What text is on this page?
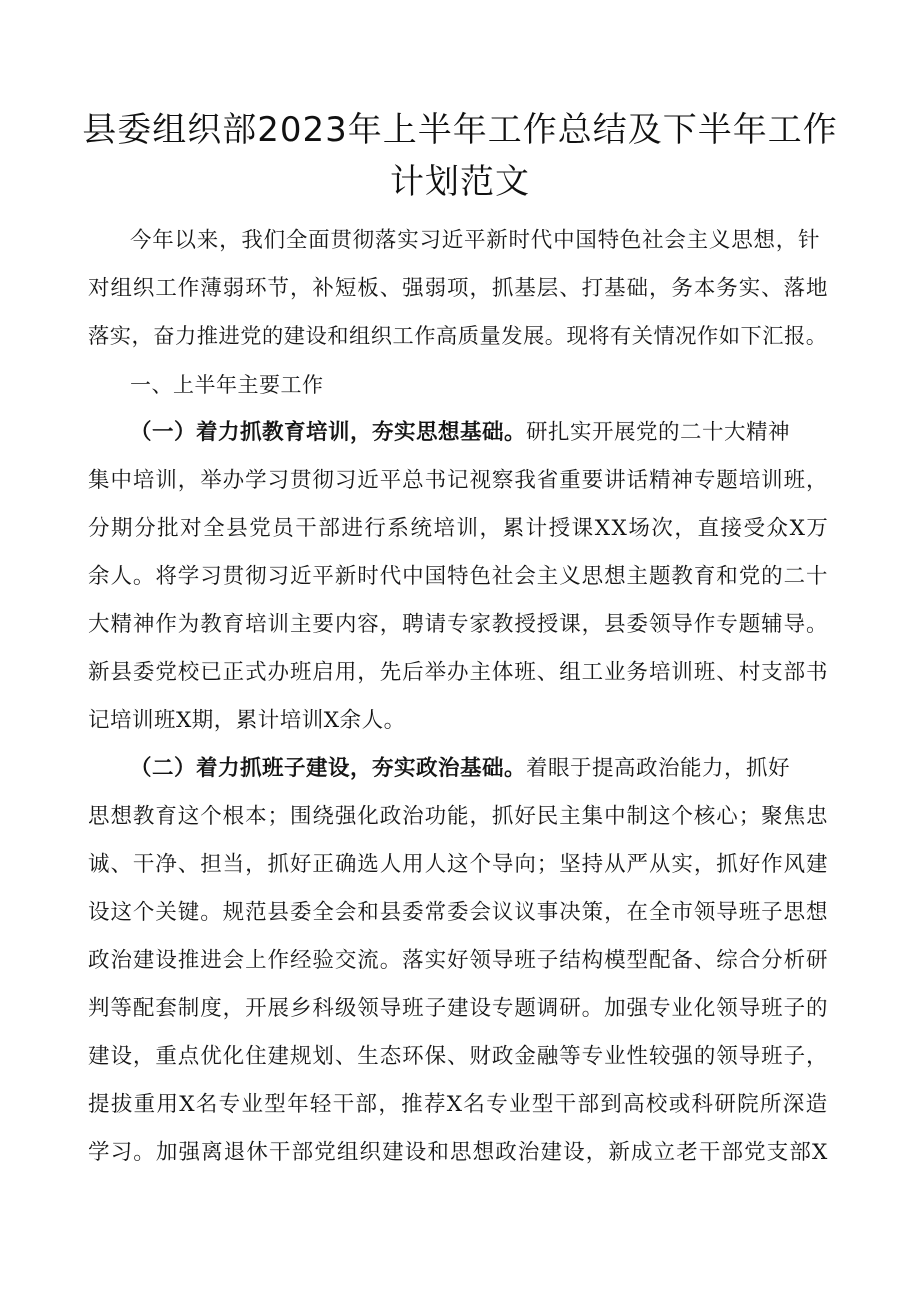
县委组织部2023年上半年工作总结及下半年工作
计划范文
今年以来，我们全面贯彻落实习近平新时代中国特色社会主义思想，针
对组织工作薄弱环节，补短板、强弱项，抓基层、打基础，务本务实、落地
落实，奋力推进党的建设和组织工作高质量发展。现将有关情况作如下汇报。
一、上半年主要工作
（一）着力抓教育培训，夯实思想基础。研扎实开展党的二十大精神
集中培训，举办学习贯彻习近平总书记视察我省重要讲话精神专题培训班，
分期分批对全县党员干部进行系统培训，累计授课XX场次，直接受众X万
余人。将学习贯彻习近平新时代中国特色社会主义思想主题教育和党的二十
大精神作为教育培训主要内容，聘请专家教授授课，县委领导作专题辅导。
新县委党校已正式办班启用，先后举办主体班、组工业务培训班、村支部书
记培训班X期，累计培训X余人。
（二）着力抓班子建设，夯实政治基础。着眼于提高政治能力，抓好
思想教育这个根本；围绕强化政治功能，抓好民主集中制这个核心；聚焦忠
诚、干净、担当，抓好正确选人用人这个导向；坚持从严从实，抓好作风建
设这个关键。规范县委全会和县委常委会议议事决策，在全市领导班子思想
政治建设推进会上作经验交流。落实好领导班子结构模型配备、综合分析研
判等配套制度，开展乡科级领导班子建设专题调研。加强专业化领导班子的
建设，重点优化住建规划、生态环保、财政金融等专业性较强的领导班子，
提拔重用X名专业型年轻干部，推荐X名专业型干部到高校或科研院所深造
学习。加强离退休干部党组织建设和思想政治建设，新成立老干部党支部X
